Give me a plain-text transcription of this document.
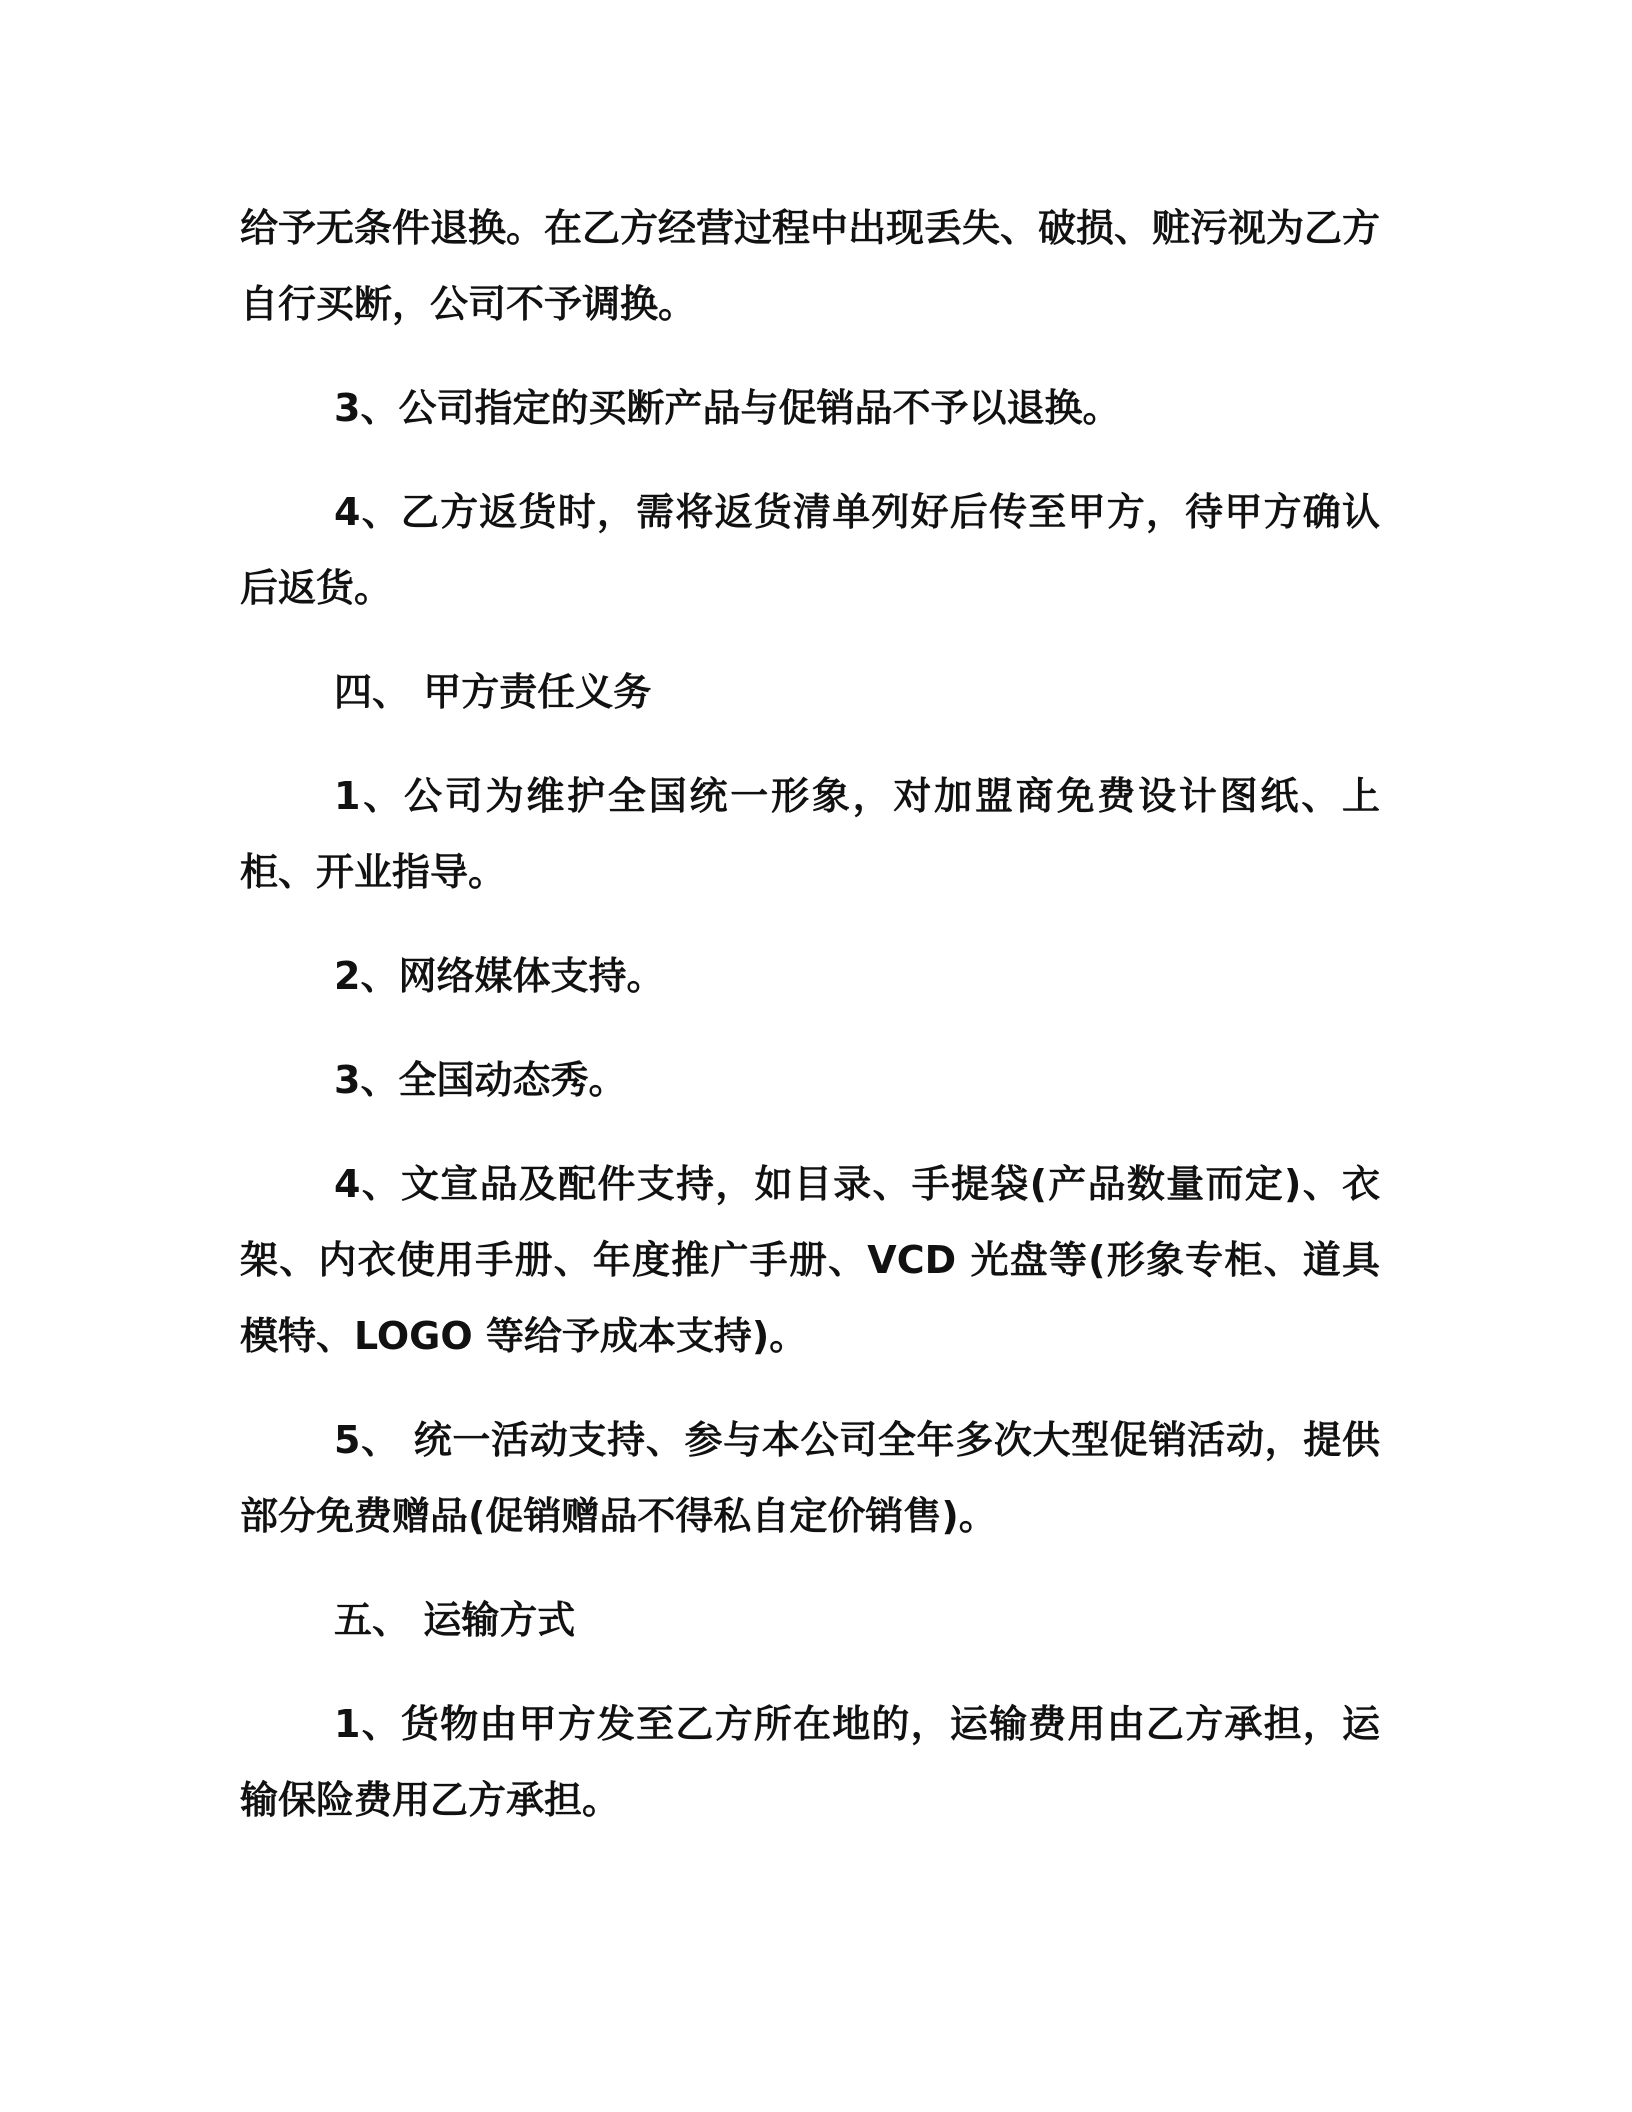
给予无条件退换。在乙方经营过程中出现丢失、破损、赃污视为乙方自行买断，公司不予调换。

3、公司指定的买断产品与促销品不予以退换。

4、乙方返货时，需将返货清单列好后传至甲方，待甲方确认后返货。

四、 甲方责任义务

1、公司为维护全国统一形象，对加盟商免费设计图纸、上柜、开业指导。

2、网络媒体支持。

3、全国动态秀。

4、文宣品及配件支持，如目录、手提袋(产品数量而定)、衣架、内衣使用手册、年度推广手册、VCD 光盘等(形象专柜、道具模特、LOGO 等给予成本支持)。

5、 统一活动支持、参与本公司全年多次大型促销活动，提供部分免费赠品(促销赠品不得私自定价销售)。

五、 运输方式

1、货物由甲方发至乙方所在地的，运输费用由乙方承担，运输保险费用乙方承担。
